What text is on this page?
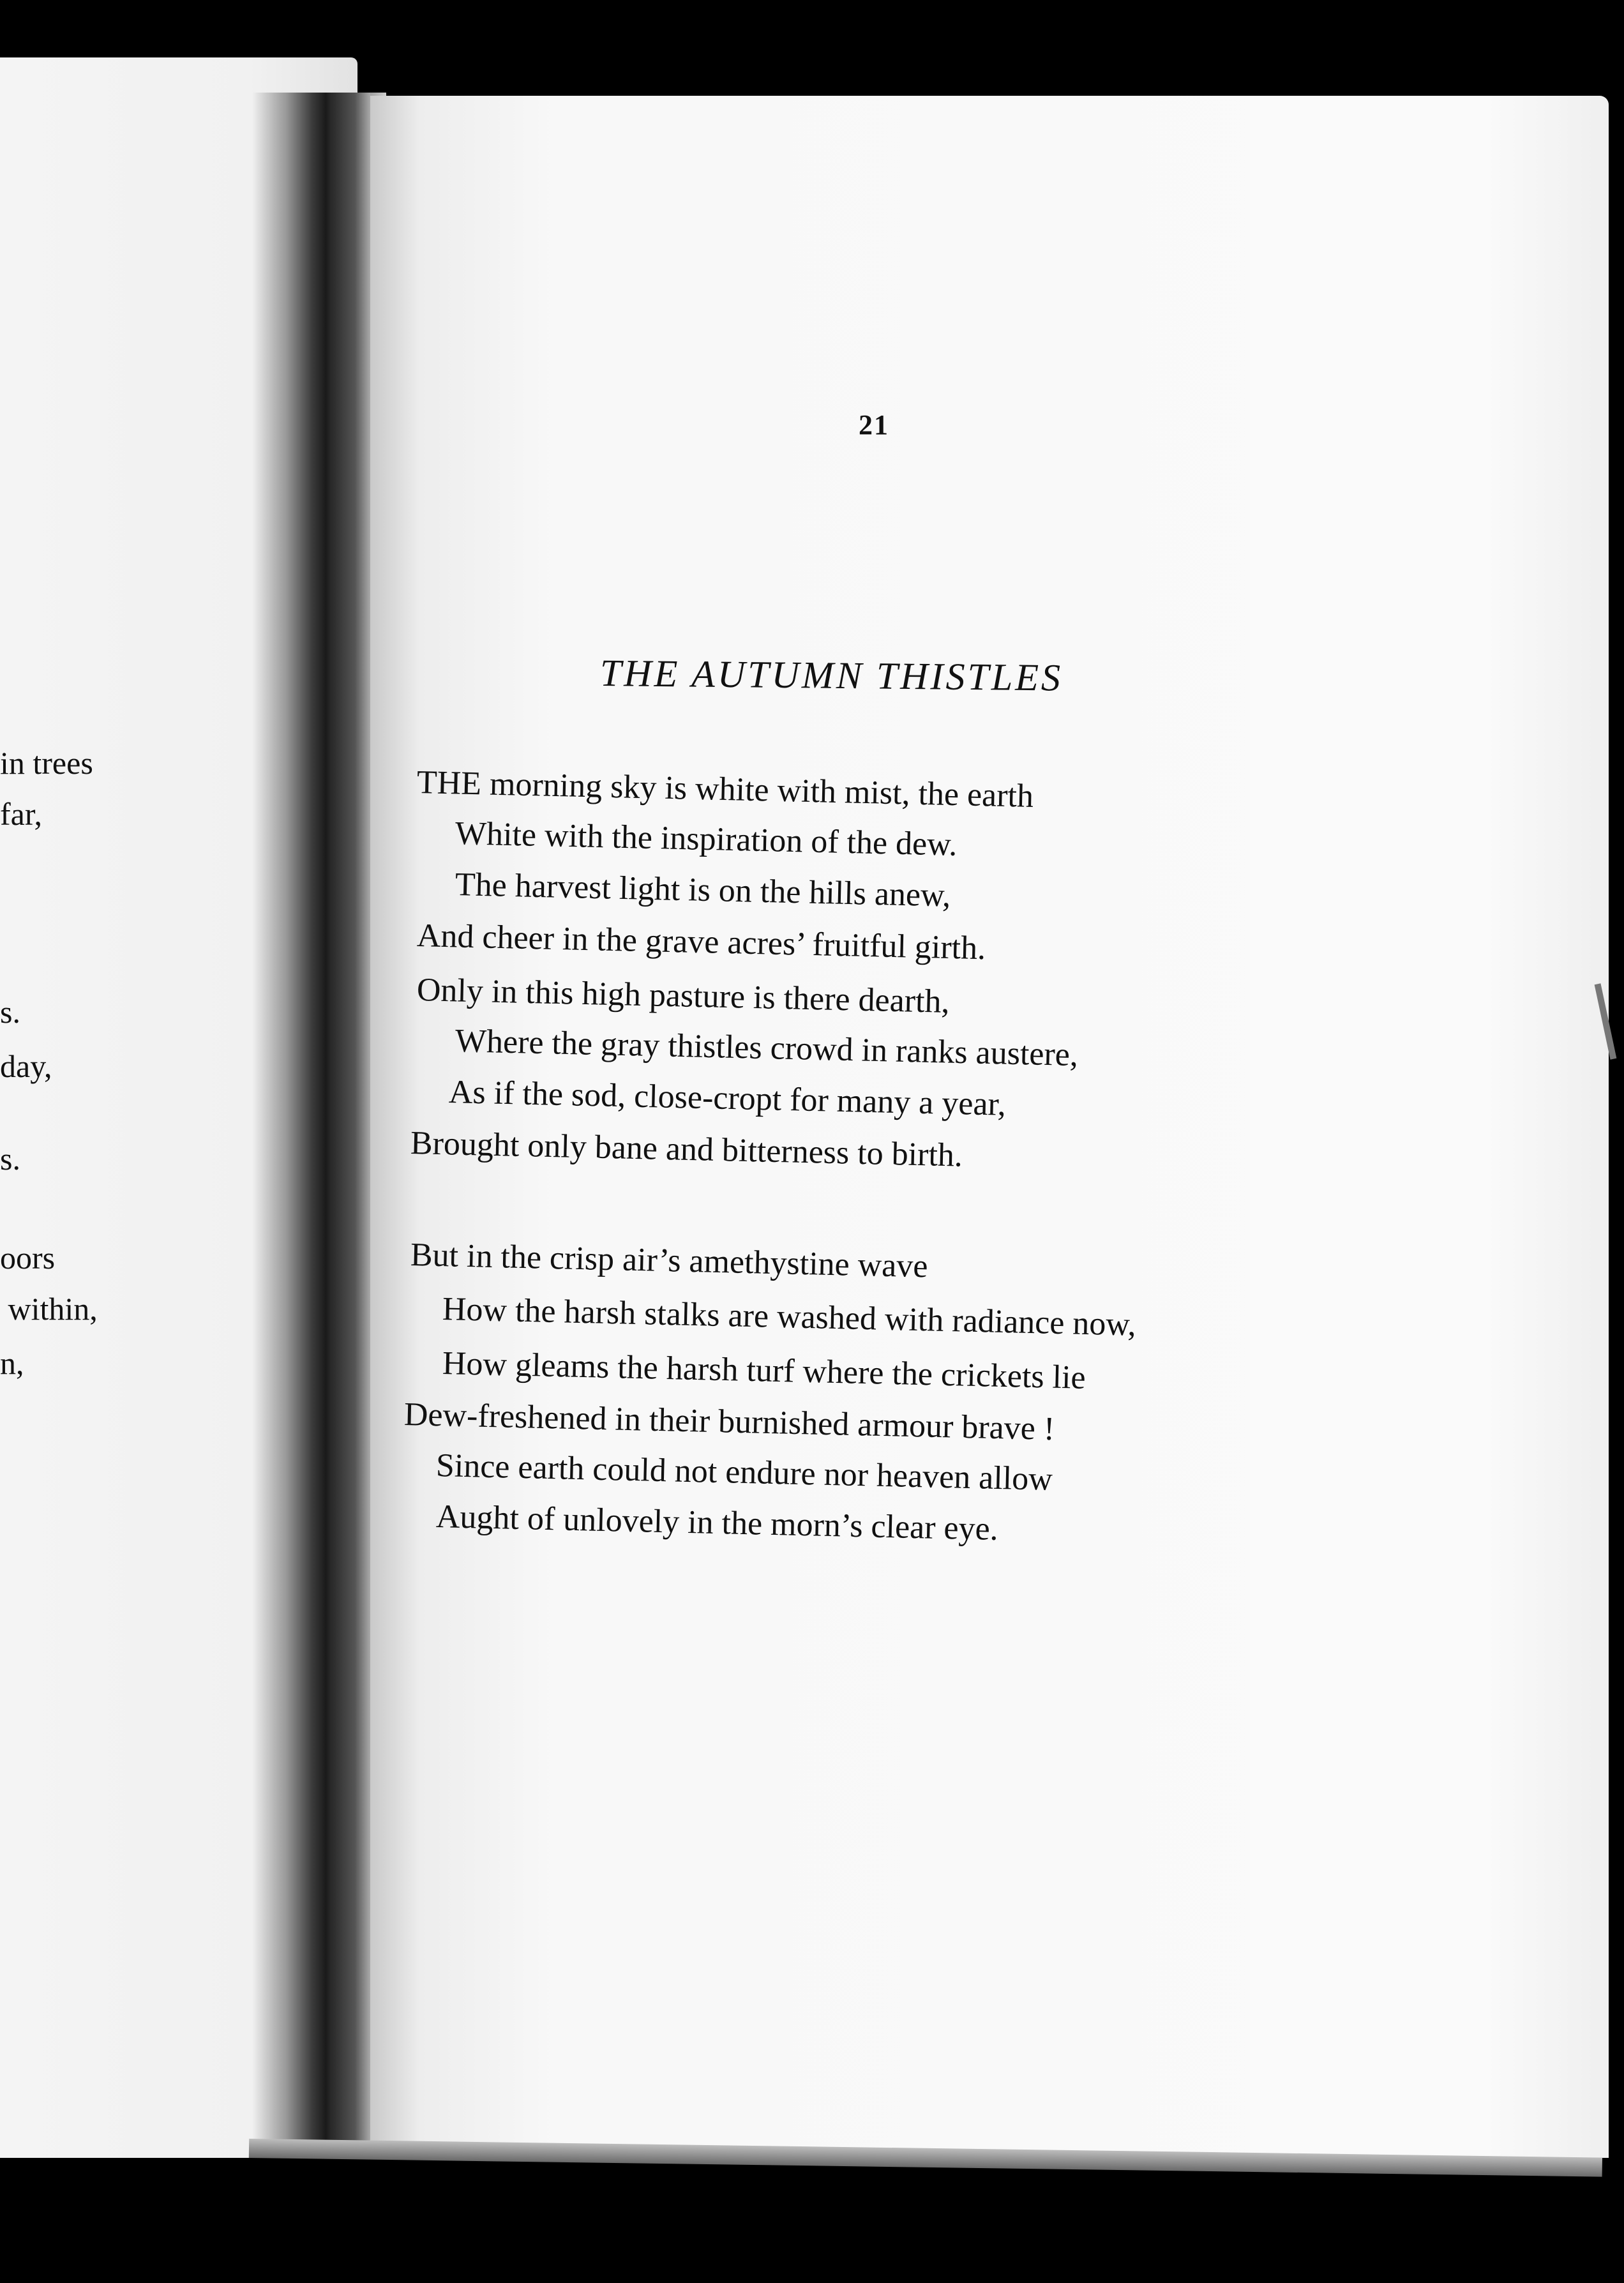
in trees
far,
s.
day,
s.
oors
within,
n,
21
THE AUTUMN THISTLES
THE morning sky is white with mist, the earth
White with the inspiration of the dew.
The harvest light is on the hills anew,
And cheer in the grave acres’ fruitful girth.
Only in this high pasture is there dearth,
Where the gray thistles crowd in ranks austere,
As if the sod, close-cropt for many a year,
Brought only bane and bitterness to birth.
But in the crisp air’s amethystine wave
How the harsh stalks are washed with radiance now,
How gleams the harsh turf where the crickets lie
Dew-freshened in their burnished armour brave !
Since earth could not endure nor heaven allow
Aught of unlovely in the morn’s clear eye.
